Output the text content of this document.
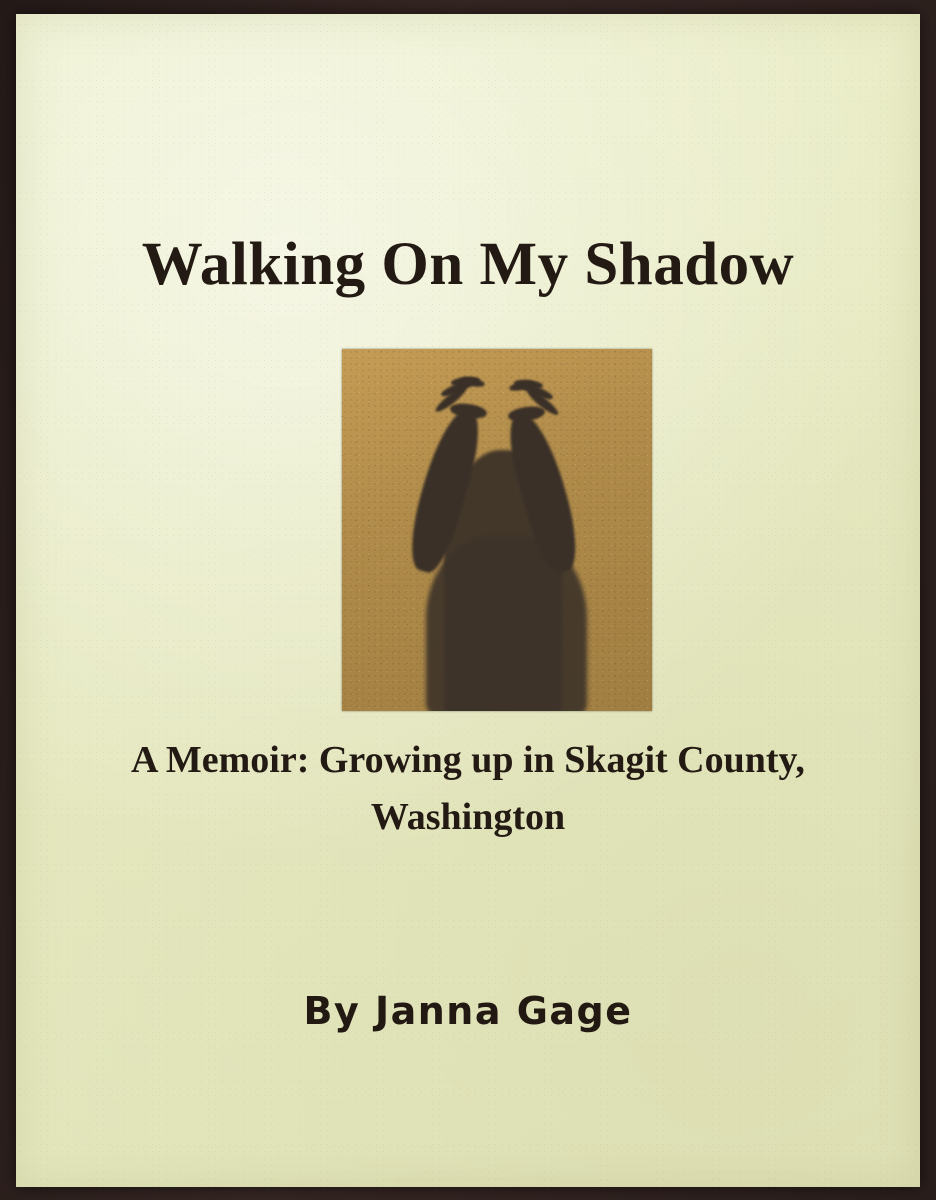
Walking On My Shadow
A Memoir: Growing up in Skagit County, Washington
By Janna Gage
